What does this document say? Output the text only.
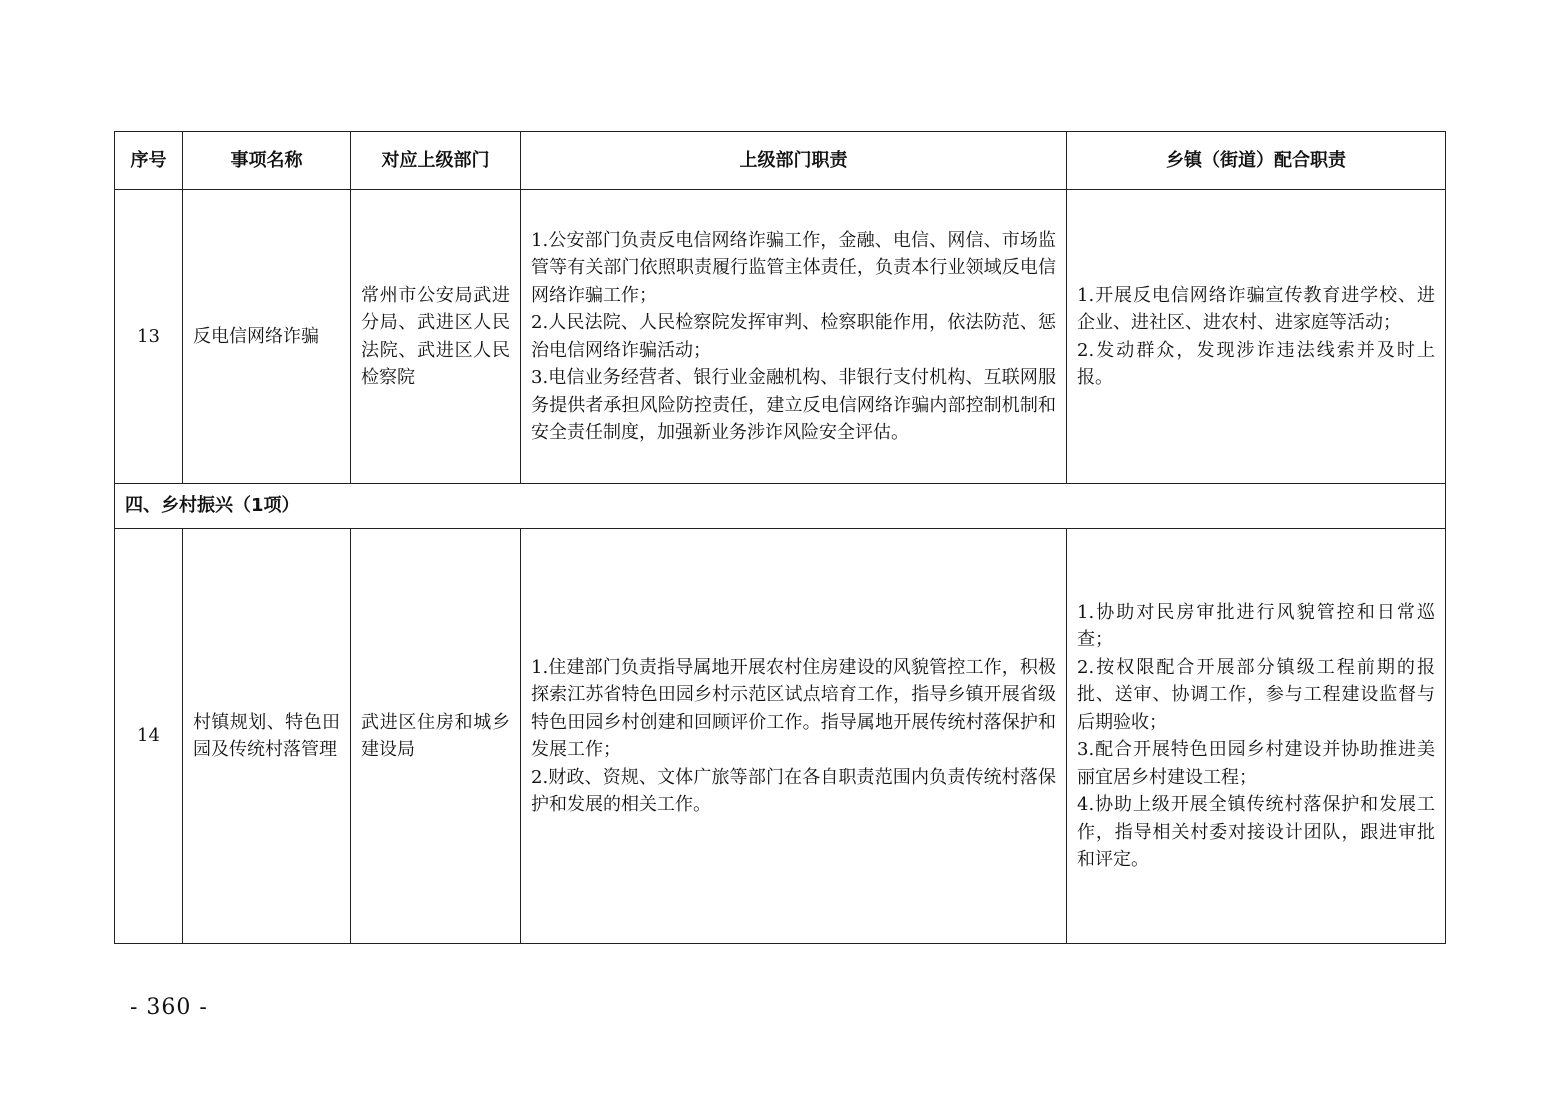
序号	事项名称	对应上级部门	上级部门职责	乡镇（街道）配合职责
13	反电信网络诈骗	常州市公安局武进分局、武进区人民法院、武进区人民检察院	1.公安部门负责反电信网络诈骗工作，金融、电信、网信、市场监管等有关部门依照职责履行监管主体责任，负责本行业领域反电信网络诈骗工作；
2.人民法院、人民检察院发挥审判、检察职能作用，依法防范、惩治电信网络诈骗活动；
3.电信业务经营者、银行业金融机构、非银行支付机构、互联网服务提供者承担风险防控责任，建立反电信网络诈骗内部控制机制和安全责任制度，加强新业务涉诈风险安全评估。	1.开展反电信网络诈骗宣传教育进学校、进企业、进社区、进农村、进家庭等活动；
2.发动群众，发现涉诈违法线索并及时上报。

四、乡村振兴（1项）				
14	村镇规划、特色田园及传统村落管理	武进区住房和城乡建设局	1.住建部门负责指导属地开展农村住房建设的风貌管控工作，积极探索江苏省特色田园乡村示范区试点培育工作，指导乡镇开展省级特色田园乡村创建和回顾评价工作。指导属地开展传统村落保护和发展工作；
2.财政、资规、文体广旅等部门在各自职责范围内负责传统村落保护和发展的相关工作。	1.协助对民房审批进行风貌管控和日常巡查；
2.按权限配合开展部分镇级工程前期的报批、送审、协调工作，参与工程建设监督与后期验收；
3.配合开展特色田园乡村建设并协助推进美丽宜居乡村建设工程；
4.协助上级开展全镇传统村落保护和发展工作，指导相关村委对接设计团队，跟进审批和评定。
- 360 -
